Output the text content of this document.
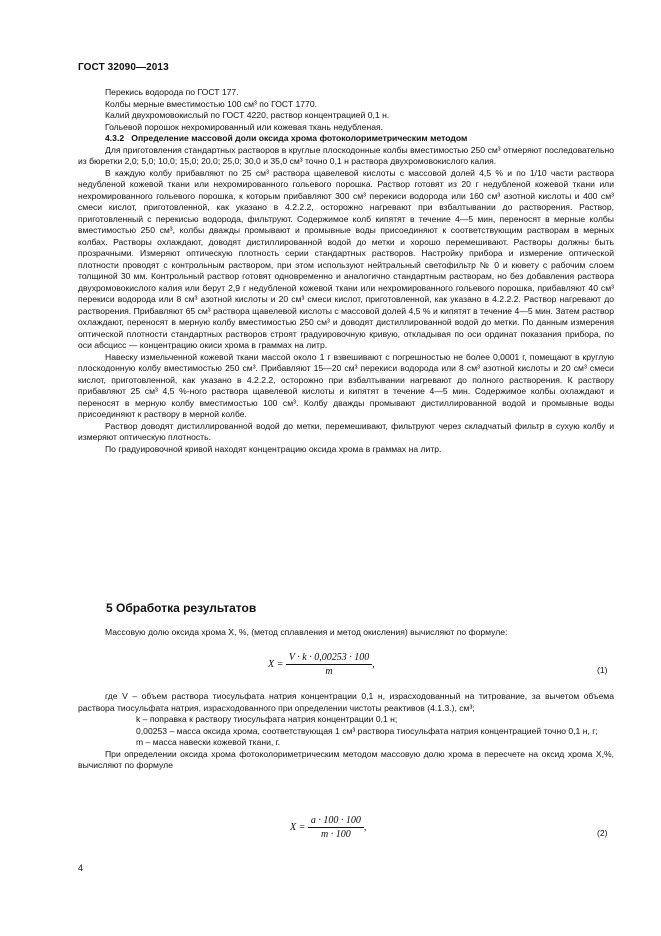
ГОСТ 32090—2013

Перекись водорода по ГОСТ 177.

Колбы мерные вместимостью 100 см³ по ГОСТ 1770.

Калий двухромовокислый по ГОСТ 4220, раствор концентрацией 0,1 н.

Гольевой порошок нехромированный или кожевая ткань недубленая.

4.3.2 Определение массовой доли оксида хрома фотоколориметрическим методом

Для приготовления стандартных растворов в круглые плоскодонные колбы вместимостью 250 см³ отмеряют последовательно из бюретки 2,0; 5,0; 10,0; 15,0; 20,0; 25,0; 30,0 и 35,0 см³ точно 0,1 н раствора двухромовокислого калия.

В каждую колбу прибавляют по 25 см³ раствора щавелевой кислоты с массовой долей 4,5 % и по 1/10 части раствора недубленой кожевой ткани или нехромированного гольевого порошка. Раствор готовят из 20 г недубленой кожевой ткани или нехромированного гольевого порошка, к которым прибавляют 300 см³ перекиси водорода или 160 см³ азотной кислоты и 400 см³ смеси кислот, приготовленной, как указано в 4.2.2.2, осторожно нагревают при взбалтывании до растворения. Раствор, приготовленный с перекисью водорода, фильтруют. Содержимое колб кипятят в течение 4—5 мин, переносят в мерные колбы вместимостью 250 см³, колбы дважды промывают и промывные воды присоединяют к соответствующим растворам в мерных колбах. Растворы охлаждают, доводят дистиллированной водой до метки и хорошо перемешивают. Растворы должны быть прозрачными. Измеряют оптическую плотность серии стандартных растворов. Настройку прибора и измерение оптической плотности проводят с контрольным раствором, при этом используют нейтральный светофильтр № 0 и кювету с рабочим слоем толщиной 30 мм. Контрольный раствор готовят одновременно и аналогично стандартным растворам, но без добавления раствора двухромовокислого калия или берут 2,9 г недубленой кожевой ткани или нехромированного гольевого порошка, прибавляют 40 см³ перекиси водорода или 8 см³ азотной кислоты и 20 см³ смеси кислот, приготовленной, как указано в 4.2.2.2. Раствор нагревают до растворения. Прибавляют 65 см³ раствора щавелевой кислоты с массовой долей 4,5 % и кипятят в течение 4—5 мин. Затем раствор охлаждают, переносят в мерную колбу вместимостью 250 см³ и доводят дистиллированной водой до метки. По данным измерения оптической плотности стандартных растворов строят градуировочную кривую, откладывая по оси ординат показания прибора, по оси абсцисс — концентрацию окиси хрома в граммах на литр.

Навеску измельченной кожевой ткани массой около 1 г взвешивают с погрешностью не более 0,0001 г, помещают в круглую плоскодонную колбу вместимостью 250 см³. Прибавляют 15—20 см³ перекиси водорода или 8 см³ азотной кислоты и 20 см³ смеси кислот, приготовленной, как указано в 4.2.2.2, осторожно при взбалтывании нагревают до полного растворения. К раствору прибавляют 25 см³ 4,5 %-ного раствора щавелевой кислоты и кипятят в течение 4—5 мин. Содержимое колбы охлаждают и переносят в мерную колбу вместимостью 100 см³. Колбу дважды промывают дистиллированной водой и промывные воды присоединяют к раствору в мерной колбе.

Раствор доводят дистиллированной водой до метки, перемешивают, фильтруют через складчатый фильтр в сухую колбу и измеряют оптическую плотность.

По градуировочной кривой находят концентрацию оксида хрома в граммах на литр.

5 Обработка результатов

Массовую долю оксида хрома X, %, (метод сплавления и метод окисления) вычисляют по формуле:

$X = \frac{V \cdot k \cdot 0,00253 \cdot 100}{m}$ ,
(1)

где V – объем раствора тиосульфата натрия концентрации 0,1 н, израсходованный на титрование, за вычетом объема раствора тиосульфата натрия, израсходованного при определении чистоты реактивов (4.1.3.), см³;

k – поправка к раствору тиосульфата натрия концентрации 0,1 н;

0,00253 – масса оксида хрома, соответствующая 1 см³ раствора тиосульфата натрия концентрацией точно 0,1 н, г;

m – масса навески кожевой ткани, г.

При определении оксида хрома фотоколориметрическим методом массовую долю хрома в пересчете на оксид хрома X,%, вычисляют по формуле

$X = \frac{a \cdot 100 \cdot 100}{m \cdot 100}$ ,
(2)
4
